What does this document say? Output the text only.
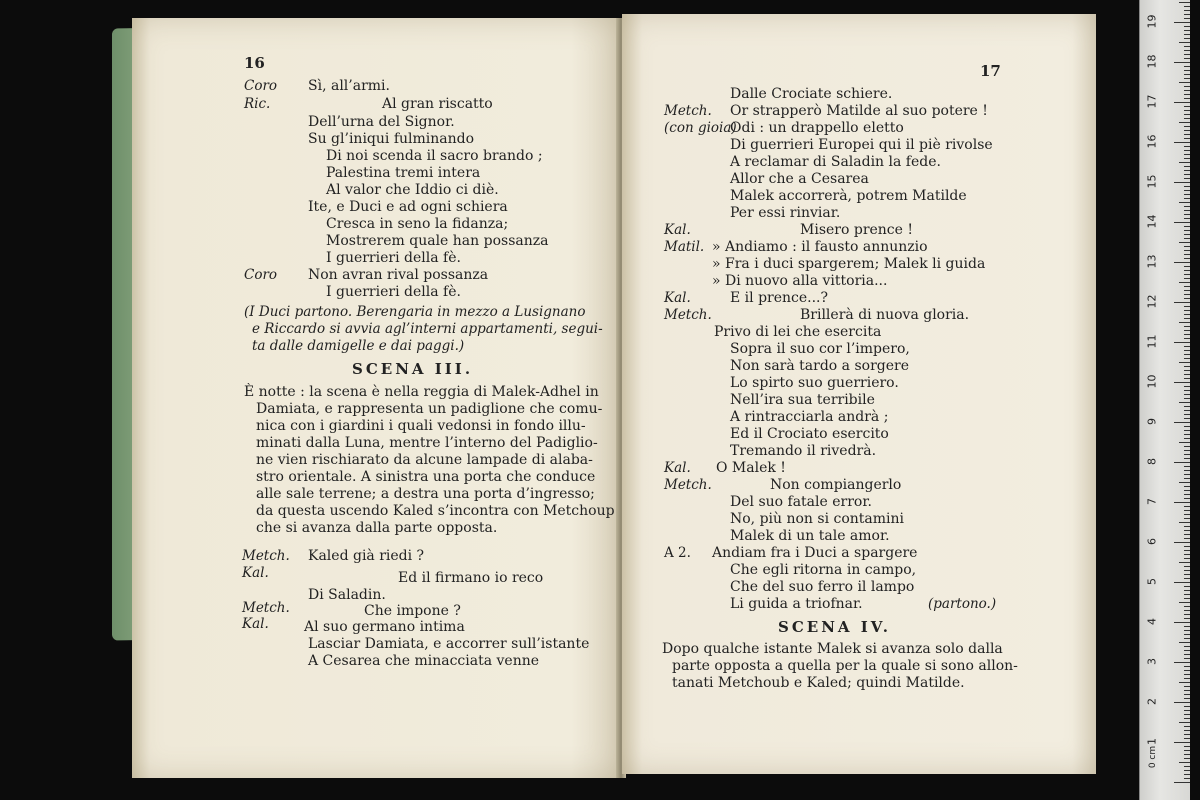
16
Coro Sì, all’armi.
Ric.	Al gran riscatto
Dell’urna del Signor.
Su gl’iniqui fulminando
Di noi scenda il sacro brando ;
Palestina tremi intera
Al valor che Iddio ci diè.
Ite, e Duci e ad ogni schiera
Cresca in seno la fidanza;
Mostrerem quale han possanza
I guerrieri della fè.
Coro Non avran rival possanza
I guerrieri della fè.
(I Duci partono. Berengaria in mezzo a Lusignano
e Riccardo si avvia agl’interni appartamenti, segui-
ta dalle damigelle e dai paggi.)
SCENA III.
È notte : la scena è nella reggia di Malek-Adhel in
Damiata, e rappresenta un padiglione che comu-
nica con i giardini i quali vedonsi in fondo illu-
minati dalla Luna, mentre l’interno del Padiglio-
ne vien rischiarato da alcune lampade di alaba-
stro orientale. A sinistra una porta che conduce
alle sale terrene; a destra una porta d’ingresso;
da questa uscendo Kaled s’incontra con Metchoup
che si avanza dalla parte opposta.
Metch. Kaled già riedi ?
Kal.	Ed il firmano io reco
Di Saladin.
Metch.	Che impone ?
Kal.	Al suo germano intima
Lasciar Damiata, e accorrer sull’istante
A Cesarea che minacciata venne
17
Dalle Crociate schiere.
Metch. Or strapperò Matilde al suo potere !
(con gioia)
Odi : un drappello eletto
Di guerrieri Europei qui il piè rivolse
A reclamar di Saladin la fede.
Allor che a Cesarea
Malek accorrerà, potrem Matilde
Per essi rinviar.
Kal.	Misero prence !
Matil. » Andiamo : il fausto annunzio
» Fra i duci spargerem; Malek li guida
» Di nuovo alla vittoria...
Kal.	E il prence...?
Metch.	Brillerà di nuova gloria.
Privo di lei che esercita
Sopra il suo cor l’impero,
Non sarà tardo a sorgere
Lo spirto suo guerriero.
Nell’ira sua terribile
A rintracciarla andrà ;
Ed il Crociato esercito
Tremando il rivedrà.
Kal. O Malek !
Metch.	Non compiangerlo
Del suo fatale error.
No, più non si contamini
Malek di un tale amor.
A 2. Andiam fra i Duci a spargere
Che egli ritorna in campo,
Che del suo ferro il lampo
Li guida a triofnar.	(partono.)
SCENA IV.
Dopo qualche istante Malek si avanza solo dalla
parte opposta a quella per la quale si sono allon-
tanati Metchoub e Kaled; quindi Matilde.
0 cm
1
2
3
4
5
6
7
8
9
10
11
12
13
14
15
16
17
18
19
